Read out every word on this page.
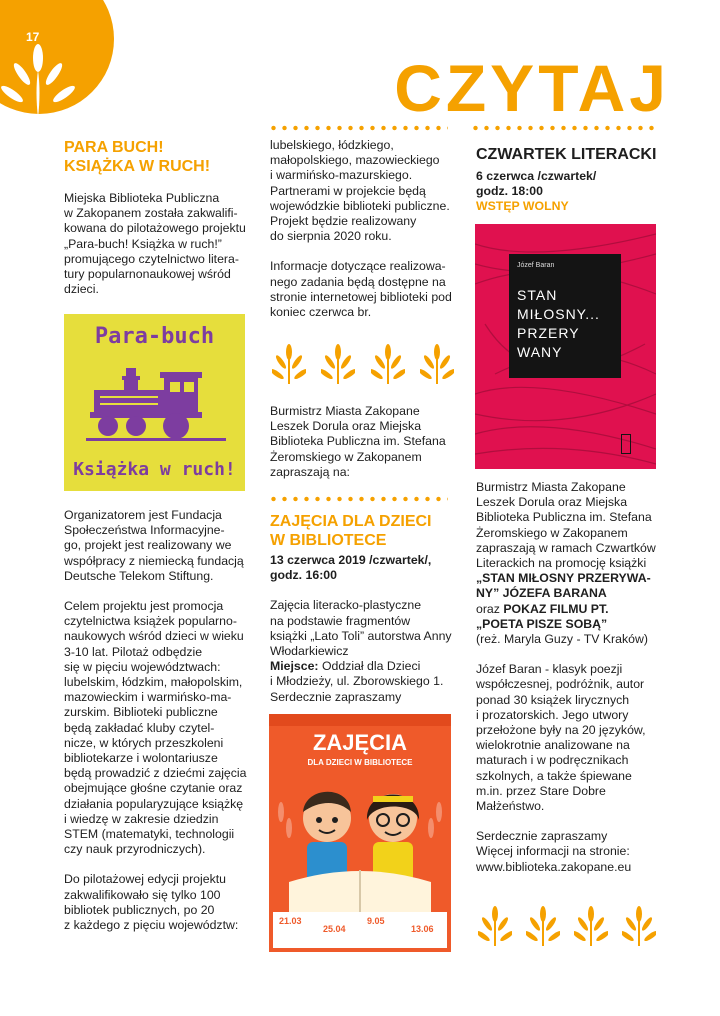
17
CZYTAJ
PARA BUCH!
KSIĄŻKA W RUCH!

Miejska Biblioteka Publiczna
w Zakopanem została zakwalifi-
kowana do pilotażowego projektu
„Para-buch! Książka w ruch!”
promującego czytelnictwo litera-
tury popularnonaukowej wśród
dzieci.

Para-buch
Książka w ruch!

Organizatorem jest Fundacja
Społeczeństwa Informacyjne-
go, projekt jest realizowany we
współpracy z niemiecką fundacją
Deutsche Telekom Stiftung.

Celem projektu jest promocja
czytelnictwa książek popularno-
naukowych wśród dzieci w wieku
3-10 lat. Pilotaż odbędzie
się w pięciu województwach:
lubelskim, łódzkim, małopolskim,
mazowieckim i warmińsko-ma-
zurskim. Biblioteki publiczne
będą zakładać kluby czytel-
nicze, w których przeszkoleni
bibliotekarze i wolontariusze
będą prowadzić z dziećmi zajęcia
obejmujące głośne czytanie oraz
działania popularyzujące książkę
i wiedzę w zakresie dziedzin
STEM (matematyki, technologii
czy nauk przyrodniczych).

Do pilotażowej edycji projektu
zakwalifikowało się tylko 100
bibliotek publicznych, po 20
z każdego z pięciu województw:

lubelskiego, łódzkiego,
małopolskiego, mazowieckiego
i warmińsko-mazurskiego.
Partnerami w projekcie będą
wojewódzkie biblioteki publiczne.
Projekt będzie realizowany
do sierpnia 2020 roku.

Informacje dotyczące realizowa-
nego zadania będą dostępne na
stronie internetowej biblioteki pod
koniec czerwca br.

Burmistrz Miasta Zakopane
Leszek Dorula oraz Miejska
Biblioteka Publiczna im. Stefana
Żeromskiego w Zakopanem
zapraszają na:

ZAJĘCIA DLA DZIECI
W BIBLIOTECE

13 czerwca 2019 /czwartek/,
godz. 16:00

Zajęcia literacko-plastyczne
na podstawie fragmentów
książki „Lato Toli” autorstwa Anny
Włodarkiewicz
Miejsce: Oddział dla Dzieci
i Młodzieży, ul. Zborowskiego 1.
Serdecznie zapraszamy

ZAJĘCIA
DLA DZIECI W BIBLIOTECE
21.03
25.04
9.05
13.06
CZWARTEK LITERACKI

6 czerwca /czwartek/
godz. 18:00
WSTĘP WOLNY

Józef Baran
STAN
MIŁOSNY...
PRZERY
WANY

Burmistrz Miasta Zakopane
Leszek Dorula oraz Miejska
Biblioteka Publiczna im. Stefana
Żeromskiego w Zakopanem
zapraszają w ramach Czwartków
Literackich na promocję książki
„STAN MIŁOSNY PRZERYWA-
NY” JÓZEFA BARANA
oraz POKAZ FILMU PT.
„POETA PISZE SOBĄ”
(reż. Maryla Guzy - TV Kraków)

Józef Baran - klasyk poezji
współczesnej, podróżnik, autor
ponad 30 książek lirycznych
i prozatorskich. Jego utwory
przełożone były na 20 języków,
wielokrotnie analizowane na
maturach i w podręcznikach
szkolnych, a także śpiewane
m.in. przez Stare Dobre
Małżeństwo.

Serdecznie zapraszamy
Więcej informacji na stronie:
www.biblioteka.zakopane.eu
